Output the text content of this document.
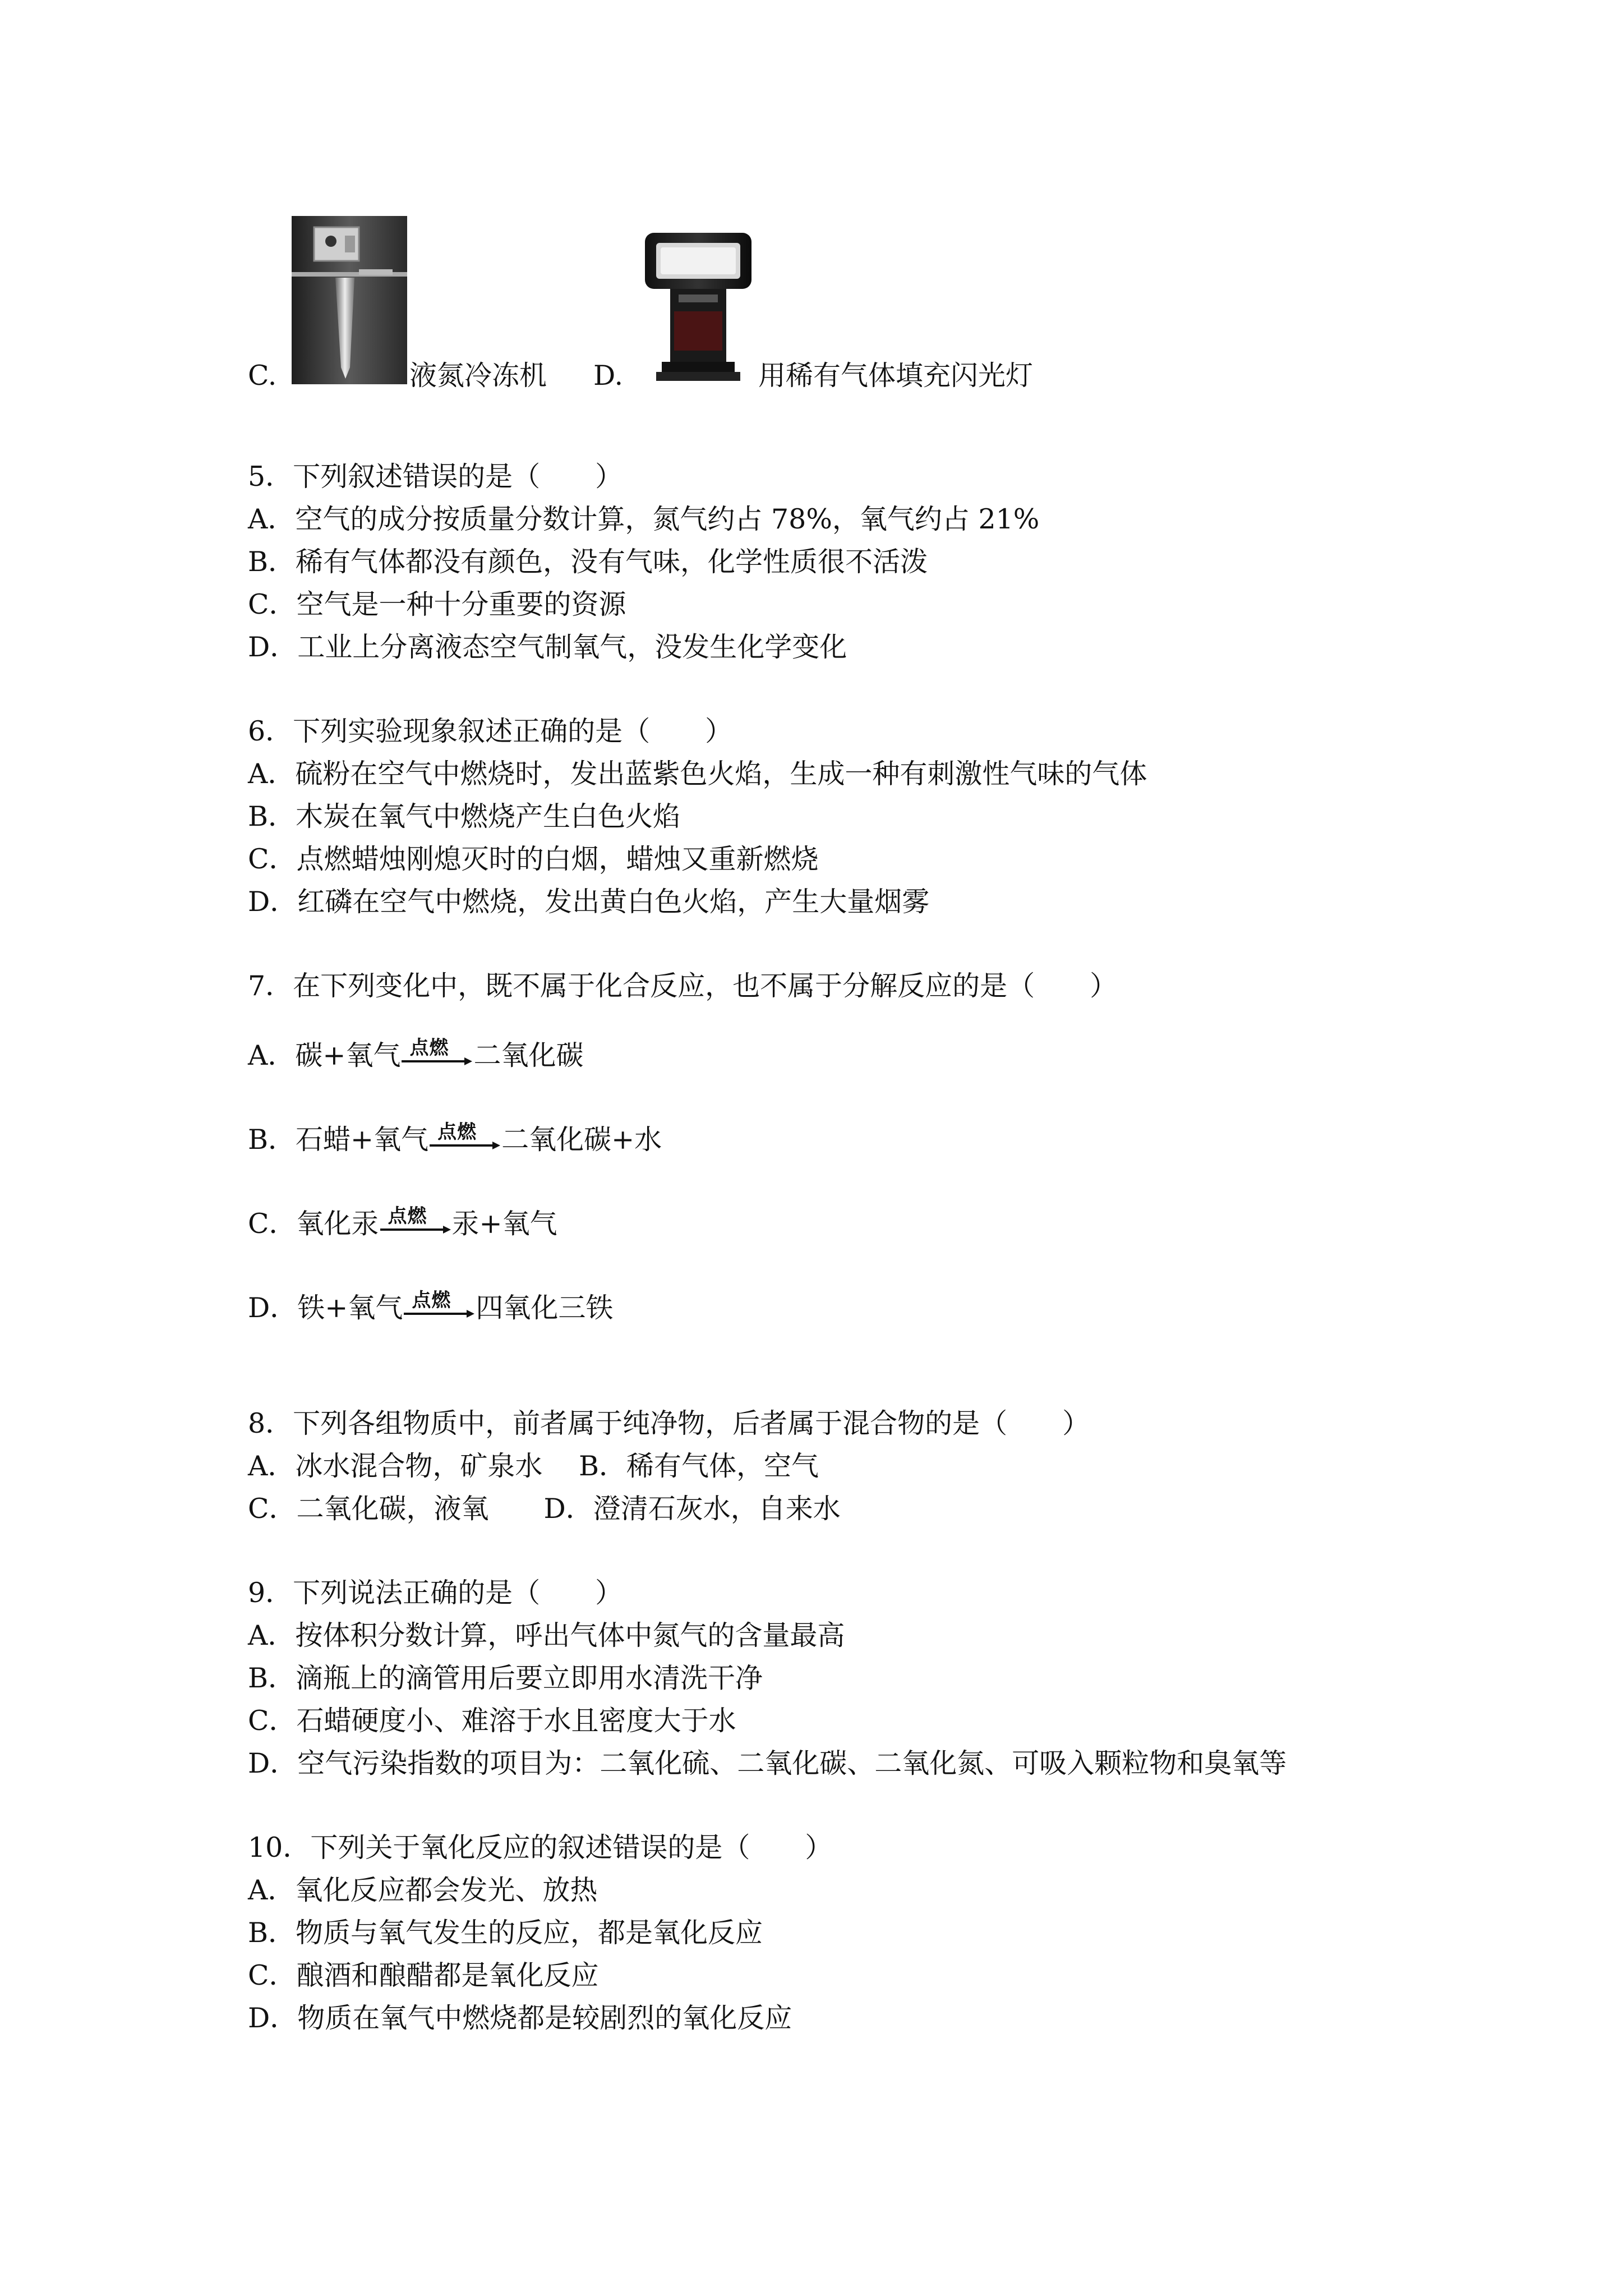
C.	液氮冷冻机 D.	用稀有气体填充闪光灯
5．下列叙述错误的是（　　）
A．空气的成分按质量分数计算，氮气约占 78%，氧气约占 21%
B．稀有气体都没有颜色，没有气味，化学性质很不活泼
C．空气是一种十分重要的资源
D．工业上分离液态空气制氧气，没发生化学变化
6．下列实验现象叙述正确的是（　　）
A．硫粉在空气中燃烧时，发出蓝紫色火焰，生成一种有刺激性气味的气体
B．木炭在氧气中燃烧产生白色火焰
C．点燃蜡烛刚熄灭时的白烟，蜡烛又重新燃烧
D．红磷在空气中燃烧，发出黄白色火焰，产生大量烟雾
7．在下列变化中，既不属于化合反应，也不属于分解反应的是（　　）
A．碳+氧气 点燃 二氧化碳
B．石蜡+氧气 点燃 二氧化碳+水
C．氧化汞 点燃 汞+氧气
D．铁+氧气 点燃 四氧化三铁
8．下列各组物质中，前者属于纯净物，后者属于混合物的是（　　）
A．冰水混合物，矿泉水　 B．稀有气体，空气
C．二氧化碳，液氧　　D．澄清石灰水，自来水
9．下列说法正确的是（　　）
A．按体积分数计算，呼出气体中氮气的含量最高
B．滴瓶上的滴管用后要立即用水清洗干净
C．石蜡硬度小、难溶于水且密度大于水
D．空气污染指数的项目为：二氧化硫、二氧化碳、二氧化氮、可吸入颗粒物和臭氧等
10．下列关于氧化反应的叙述错误的是（　　）
A．氧化反应都会发光、放热
B．物质与氧气发生的反应，都是氧化反应
C．酿酒和酿醋都是氧化反应
D．物质在氧气中燃烧都是较剧烈的氧化反应
